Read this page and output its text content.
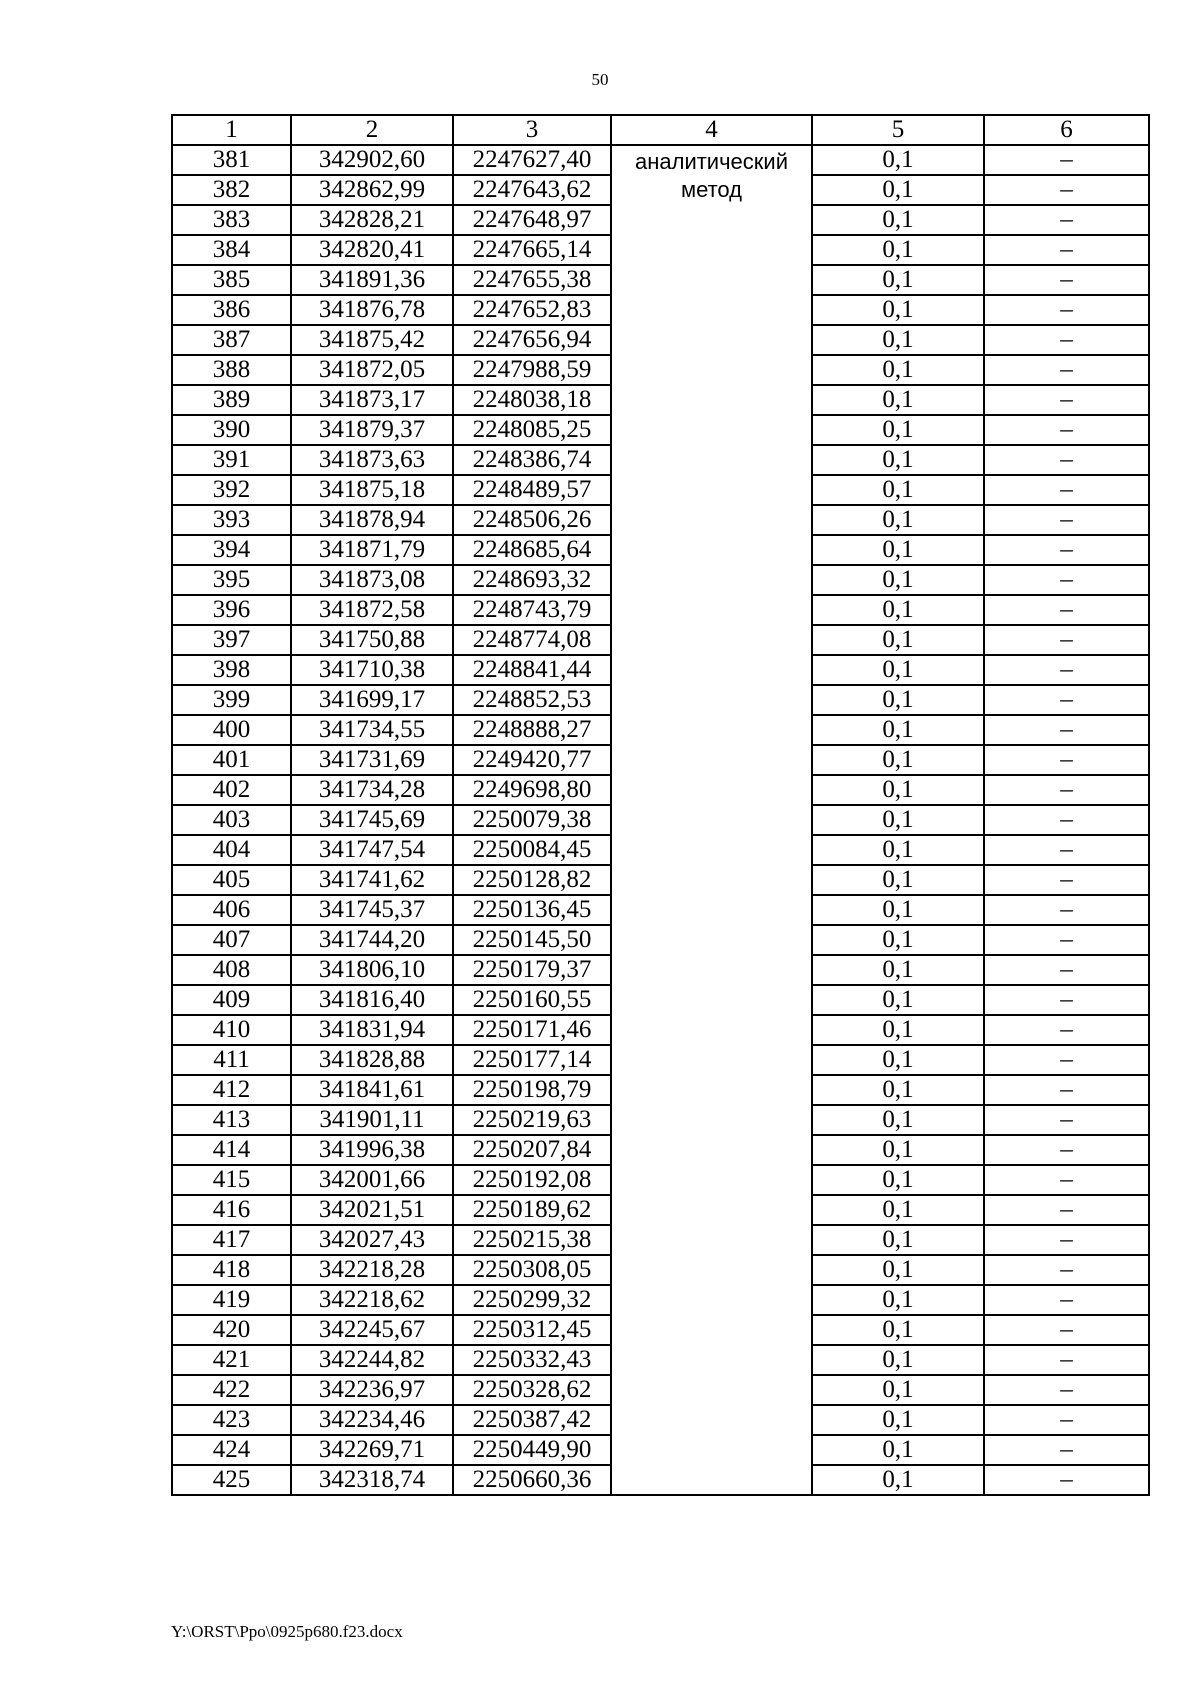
50
1	2	3	4	5	6
381	342902,60	2247627,40	аналитический метод	0,1	–
382	342862,99	2247643,62		0,1	–
383	342828,21	2247648,97		0,1	–
384	342820,41	2247665,14		0,1	–
385	341891,36	2247655,38		0,1	–
386	341876,78	2247652,83		0,1	–
387	341875,42	2247656,94		0,1	–
388	341872,05	2247988,59		0,1	–
389	341873,17	2248038,18		0,1	–
390	341879,37	2248085,25		0,1	–
391	341873,63	2248386,74		0,1	–
392	341875,18	2248489,57		0,1	–
393	341878,94	2248506,26		0,1	–
394	341871,79	2248685,64		0,1	–
395	341873,08	2248693,32		0,1	–
396	341872,58	2248743,79		0,1	–
397	341750,88	2248774,08		0,1	–
398	341710,38	2248841,44		0,1	–
399	341699,17	2248852,53		0,1	–
400	341734,55	2248888,27		0,1	–
401	341731,69	2249420,77		0,1	–
402	341734,28	2249698,80		0,1	–
403	341745,69	2250079,38		0,1	–
404	341747,54	2250084,45		0,1	–
405	341741,62	2250128,82		0,1	–
406	341745,37	2250136,45		0,1	–
407	341744,20	2250145,50		0,1	–
408	341806,10	2250179,37		0,1	–
409	341816,40	2250160,55		0,1	–
410	341831,94	2250171,46		0,1	–
411	341828,88	2250177,14		0,1	–
412	341841,61	2250198,79		0,1	–
413	341901,11	2250219,63		0,1	–
414	341996,38	2250207,84		0,1	–
415	342001,66	2250192,08		0,1	–
416	342021,51	2250189,62		0,1	–
417	342027,43	2250215,38		0,1	–
418	342218,28	2250308,05		0,1	–
419	342218,62	2250299,32		0,1	–
420	342245,67	2250312,45		0,1	–
421	342244,82	2250332,43		0,1	–
422	342236,97	2250328,62		0,1	–
423	342234,46	2250387,42		0,1	–
424	342269,71	2250449,90		0,1	–
425	342318,74	2250660,36		0,1	–
Y:\ORST\Ppo\0925p680.f23.docx
